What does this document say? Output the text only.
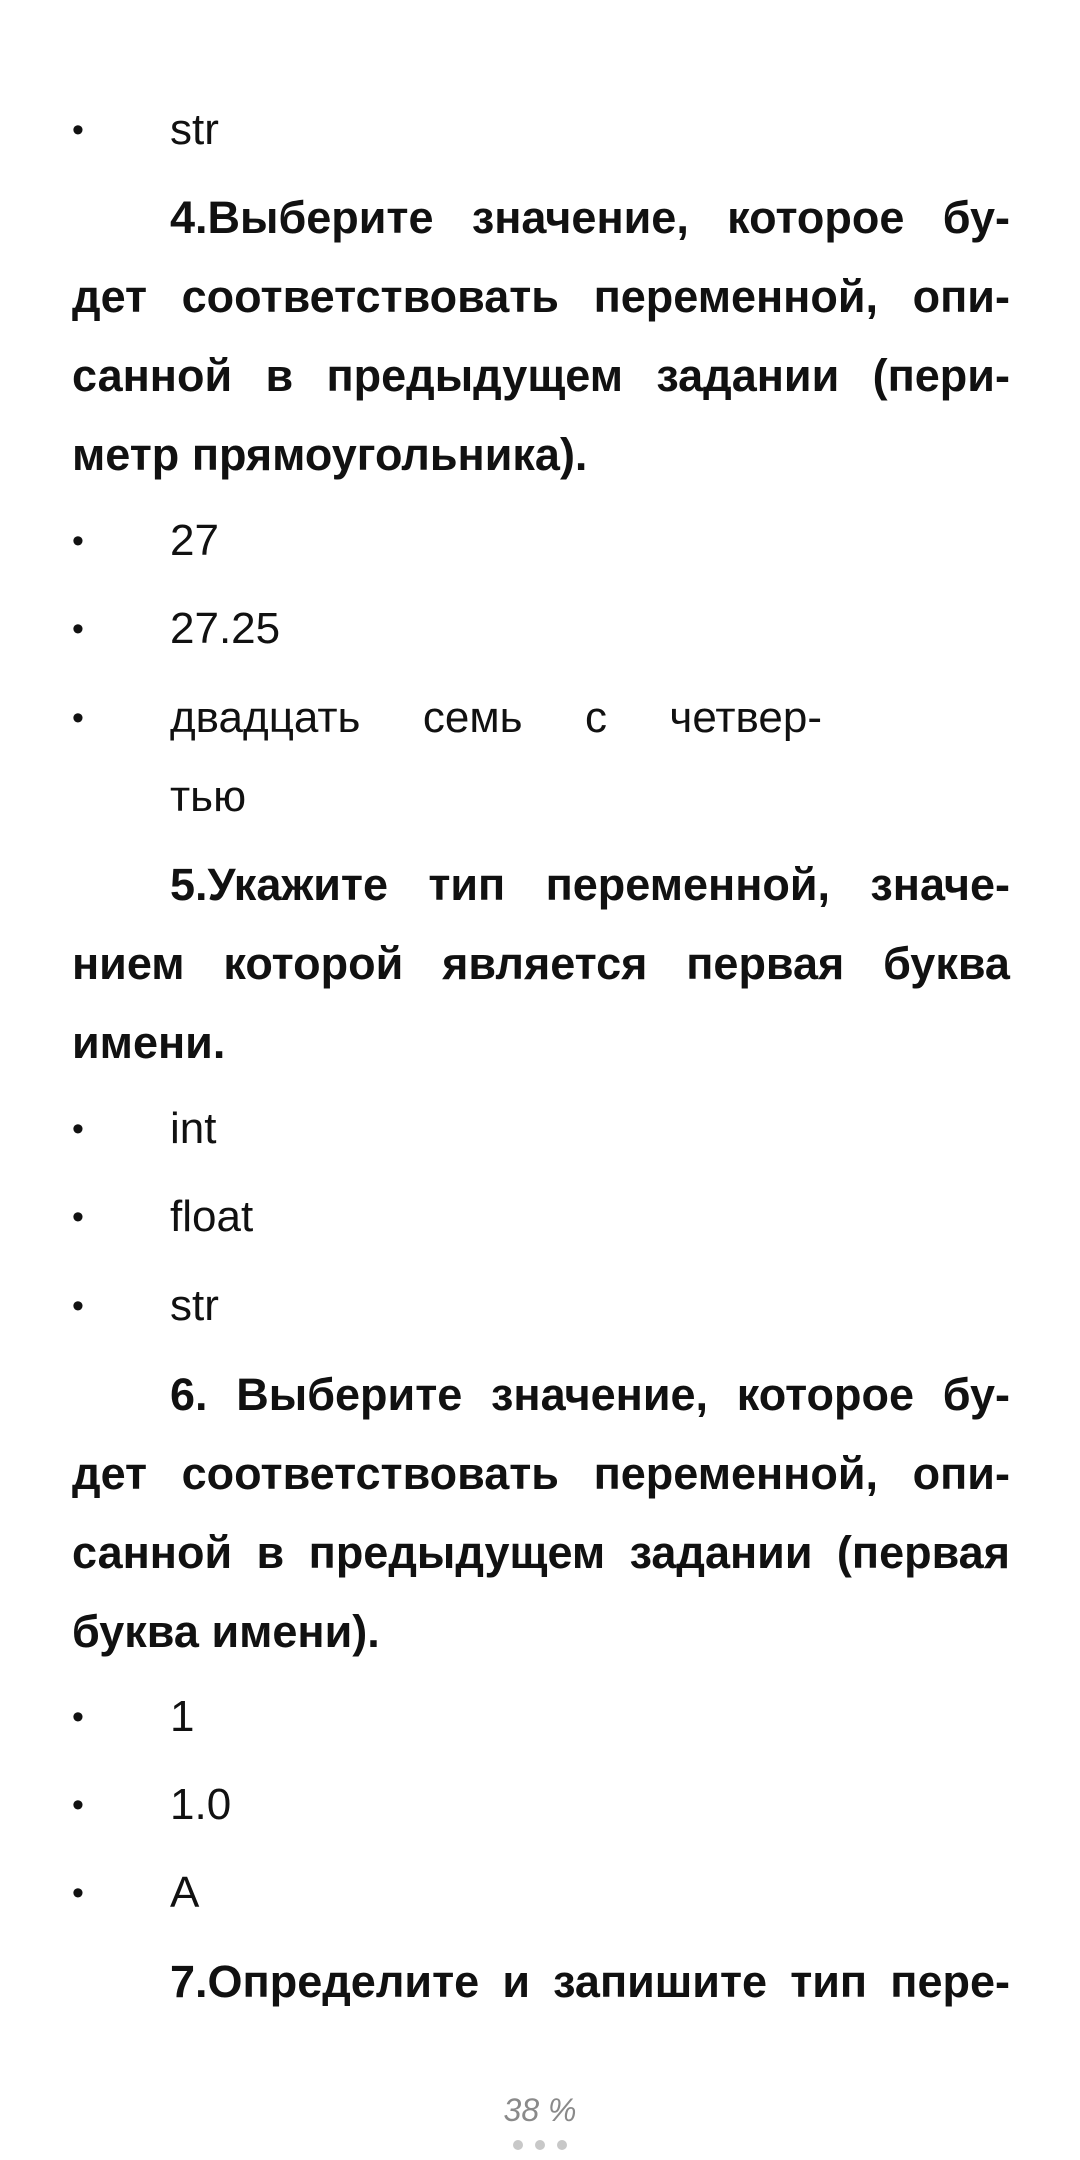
• str
4.Выберите значение, которое бу-
дет соответствовать переменной, опи-
санной в предыдущем задании (пери-
метр прямоугольника).
• 27
• 27.25
• двадцать семь с четвер-
тью
5.Укажите тип переменной, значе-
нием которой является первая буква
имени.
• int
• float
• str
6. Выберите значение, которое бу-
дет соответствовать переменной, опи-
санной в предыдущем задании (первая
буква имени).
• 1
• 1.0
• A
7.Определите и запишите тип пере-
38 %
